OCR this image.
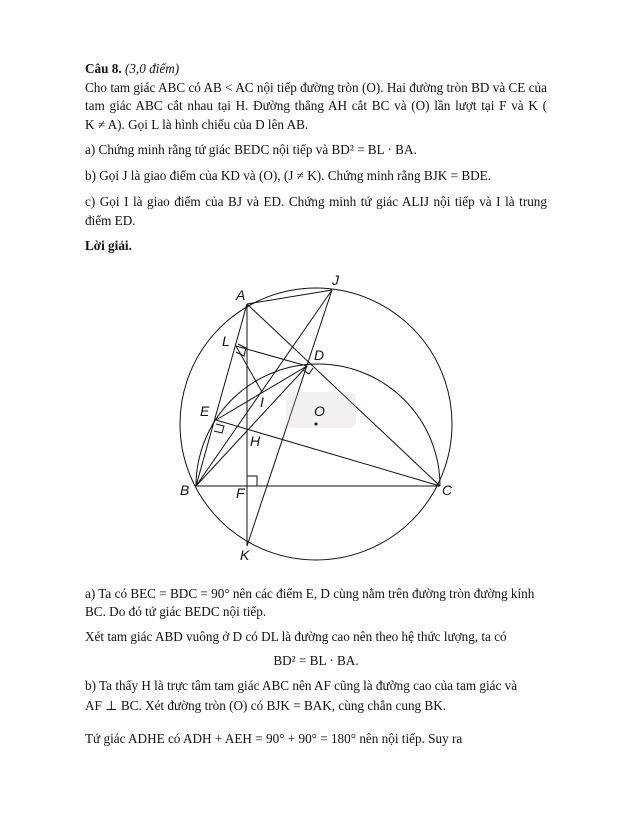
Câu 8. (3,0 điểm)
Cho tam giác ABC có AB < AC nội tiếp đường tròn (O). Hai đường tròn BD và CE của
tam giác ABC cắt nhau tại H. Đường thẳng AH cắt BC và (O) lần lượt tại F và K (
K ≠ A). Gọi L là hình chiếu của D lên AB.
a) Chứng minh rằng tứ giác BEDC nội tiếp và BD² = BL · BA.
b) Gọi J là giao điểm của KD và (O), (J ≠ K). Chứng minh rằng BJK = BDE.
c) Gọi I là giao điểm của BJ và ED. Chứng minh tứ giác ALIJ nội tiếp và I là trung
điểm ED.
Lời giải.
A
J
L
D
E
I
O
H
B	F	C
K
a) Ta có BEC = BDC = 90° nên các điểm E, D cùng nằm trên đường tròn đường kính
BC. Do đó tứ giác BEDC nội tiếp.
Xét tam giác ABD vuông ở D có DL là đường cao nên theo hệ thức lượng, ta có
BD² = BL · BA.
b) Ta thấy H là trực tâm tam giác ABC nên AF cũng là đường cao của tam giác và
AF ⊥ BC. Xét đường tròn (O) có BJK = BAK, cùng chắn cung BK.
Tứ giác ADHE có ADH + AEH = 90° + 90° = 180° nên nội tiếp. Suy ra
